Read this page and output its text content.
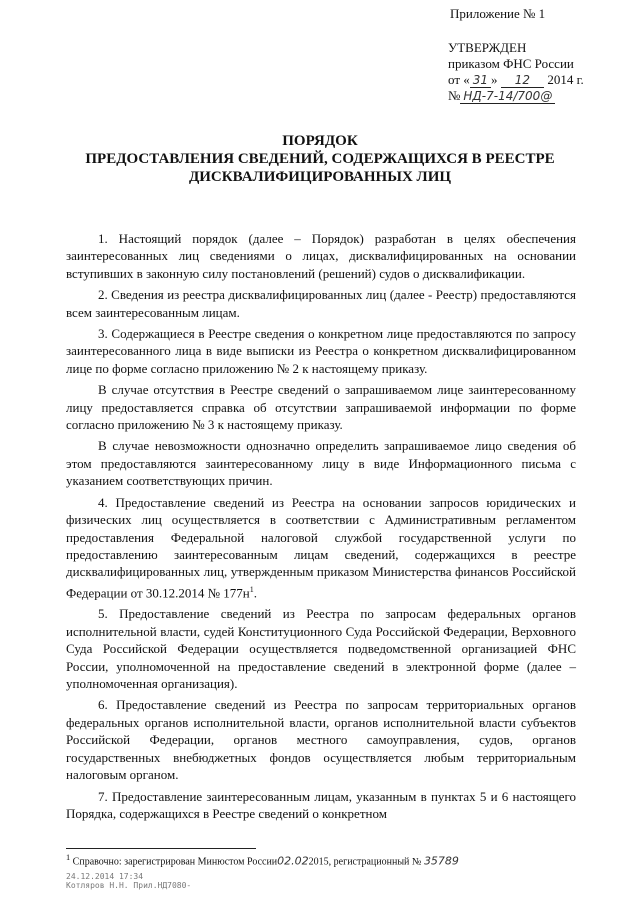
Приложение № 1
УТВЕРЖДЕН
приказом ФНС России
от « 31 » 12 2014 г.
№ НД-7-14/700@
ПОРЯДОК
ПРЕДОСТАВЛЕНИЯ СВЕДЕНИЙ, СОДЕРЖАЩИХСЯ В РЕЕСТРЕ
ДИСКВАЛИФИЦИРОВАННЫХ ЛИЦ

1. Настоящий порядок (далее – Порядок) разработан в целях обеспечения заинтересованных лиц сведениями о лицах, дисквалифицированных на основании вступивших в законную силу постановлений (решений) судов о дисквалификации.

2. Сведения из реестра дисквалифицированных лиц (далее - Реестр) предоставляются всем заинтересованным лицам.

3. Содержащиеся в Реестре сведения о конкретном лице предоставляются по запросу заинтересованного лица в виде выписки из Реестра о конкретном дисквалифицированном лице по форме согласно приложению № 2 к настоящему приказу.

В случае отсутствия в Реестре сведений о запрашиваемом лице заинтересованному лицу предоставляется справка об отсутствии запрашиваемой информации по форме согласно приложению № 3 к настоящему приказу.

В случае невозможности однозначно определить запрашиваемое лицо сведения об этом предоставляются заинтересованному лицу в виде Информационного письма с указанием соответствующих причин.

4. Предоставление сведений из Реестра на основании запросов юридических и физических лиц осуществляется в соответствии с Административным регламентом предоставления Федеральной налоговой службой государственной услуги по предоставлению заинтересованным лицам сведений, содержащихся в реестре дисквалифицированных лиц, утвержденным приказом Министерства финансов Российской Федерации от 30.12.2014 № $177н^1$.

5. Предоставление сведений из Реестра по запросам федеральных органов исполнительной власти, судей Конституционного Суда Российской Федерации, Верховного Суда Российской Федерации осуществляется подведомственной организацией ФНС России, уполномоченной на предоставление сведений в электронной форме (далее – уполномоченная организация).

6. Предоставление сведений из Реестра по запросам территориальных органов федеральных органов исполнительной власти, органов исполнительной власти субъектов Российской Федерации, органов местного самоуправления, судов, органов государственных внебюджетных фондов осуществляется любым территориальным налоговым органом.

7. Предоставление заинтересованным лицам, указанным в пунктах 5 и 6 настоящего Порядка, содержащихся в Реестре сведений о конкретном

$^1$ Справочно: зарегистрирован Минюстом России02.022015, регистрационный № 35789
24.12.2014 17:34
Котляров Н.Н. Прил.НД7080-
